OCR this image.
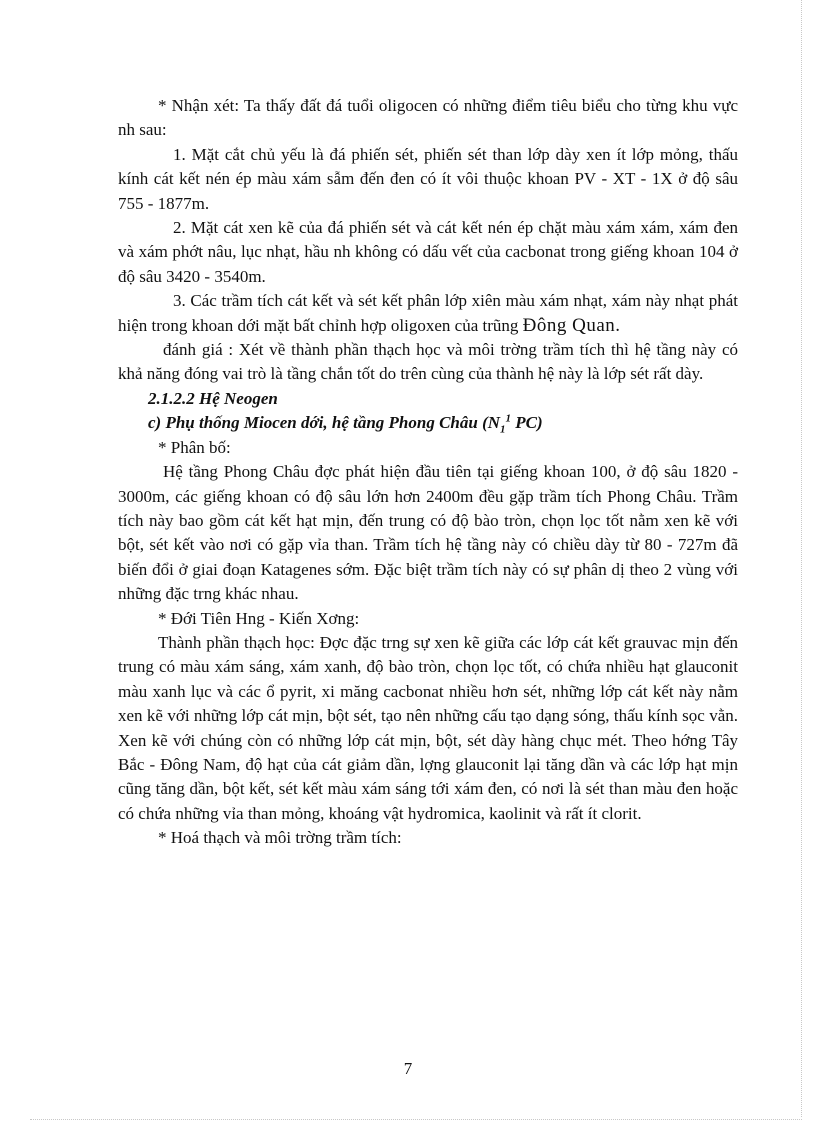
* Nhận xét: Ta thấy đất đá tuổi oligocen có những điểm tiêu biểu cho từng khu vực nh sau:

1. Mặt cắt chủ yếu là đá phiến sét, phiến sét than lớp dày xen ít lớp mỏng, thấu kính cát kết nén ép màu xám sẫm đến đen có ít vôi thuộc khoan PV - XT - 1X ở độ sâu 755 - 1877m.

2. Mặt cát xen kẽ của đá phiến sét và cát kết nén ép chặt màu xám xám, xám đen và xám phớt nâu, lục nhạt, hầu nh không có dấu vết của cacbonat trong giếng khoan 104 ở độ sâu 3420 - 3540m.

3. Các trầm tích cát kết và sét kết phân lớp xiên màu xám nhạt, xám này nhạt phát hiện trong khoan dới mặt bất chỉnh hợp oligoxen của trũng Đông Quan.

đánh giá : Xét về thành phần thạch học và môi trờng trầm tích thì hệ tầng này có khả năng đóng vai trò là tầng chắn tốt do trên cùng của thành hệ này là lớp sét rất dày.

2.1.2.2 Hệ Neogen

c) Phụ thống Miocen dới, hệ tầng Phong Châu ($N_1^1$ PC)

* Phân bố:

Hệ tầng Phong Châu đợc phát hiện đầu tiên tại giếng khoan 100, ở độ sâu 1820 - 3000m, các giếng khoan có độ sâu lớn hơn 2400m đều gặp trầm tích Phong Châu. Trầm tích này bao gồm cát kết hạt mịn, đến trung có độ bào tròn, chọn lọc tốt nằm xen kẽ với bột, sét kết vào nơi có gặp vỉa than. Trầm tích hệ tầng này có chiều dày từ 80 - 727m đã biến đổi ở giai đoạn Katagenes sớm. Đặc biệt trầm tích này có sự phân dị theo 2 vùng với những đặc trng khác nhau.

* Đới Tiên Hng - Kiến Xơng:

Thành phần thạch học: Đợc đặc trng sự xen kẽ giữa các lớp cát kết grauvac mịn đến trung có màu xám sáng, xám xanh, độ bào tròn, chọn lọc tốt, có chứa nhiều hạt glauconit màu xanh lục và các ổ pyrit, xi măng cacbonat nhiều hơn sét, những lớp cát kết này nằm xen kẽ với những lớp cát mịn, bột sét, tạo nên những cấu tạo dạng sóng, thấu kính sọc vằn. Xen kẽ với chúng còn có những lớp cát mịn, bột, sét dày hàng chục mét. Theo hớng Tây Bắc - Đông Nam, độ hạt của cát giảm dần, lợng glauconit lại tăng dần và các lớp hạt mịn cũng tăng dần, bột kết, sét kết màu xám sáng tới xám đen, có nơi là sét than màu đen hoặc có chứa những vỉa than mỏng, khoáng vật hydromica, kaolinit và rất ít clorit.

* Hoá thạch và môi trờng trầm tích:

7
